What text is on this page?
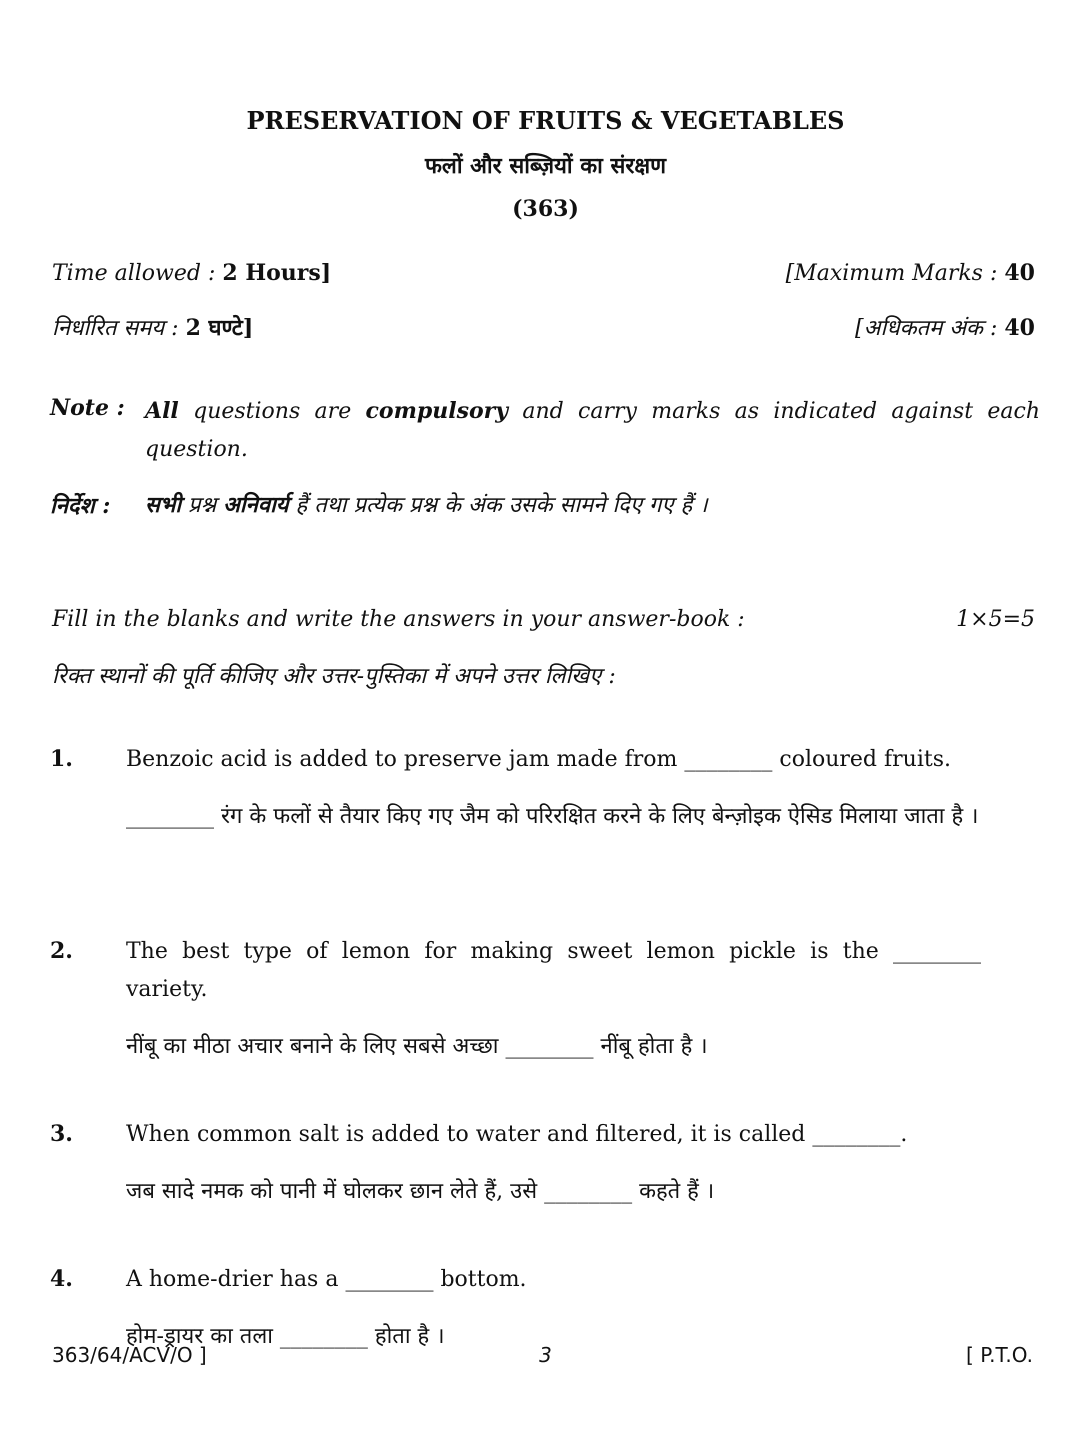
PRESERVATION OF FRUITS & VEGETABLES
फलों और सब्ज़ियों का संरक्षण
(363)
Time allowed : 2 Hours]	[Maximum Marks : 40
निर्धारित समय : 2 घण्टे]	[अधिकतम अंक : 40
Note : All questions are compulsory and carry marks as indicated against each question.
निर्देश : सभी प्रश्न अनिवार्य हैं तथा प्रत्येक प्रश्न के अंक उसके सामने दिए गए हैं ।
Fill in the blanks and write the answers in your answer-book :	1×5=5
रिक्त स्थानों की पूर्ति कीजिए और उत्तर-पुस्तिका में अपने उत्तर लिखिए :
1. Benzoic acid is added to preserve jam made from ________ coloured fruits.
________ रंग के फलों से तैयार किए गए जैम को परिरक्षित करने के लिए बेन्ज़ोइक ऐसिड मिलाया जाता है ।
2. The best type of lemon for making sweet lemon pickle is the ________ variety.
नींबू का मीठा अचार बनाने के लिए सबसे अच्छा ________ नींबू होता है ।
3. When common salt is added to water and filtered, it is called ________.
जब सादे नमक को पानी में घोलकर छान लेते हैं, उसे ________ कहते हैं ।
4. A home-drier has a ________ bottom.
होम-ड्रायर का तला ________ होता है ।
363/64/ACV/O ]	3	[ P.T.O.
